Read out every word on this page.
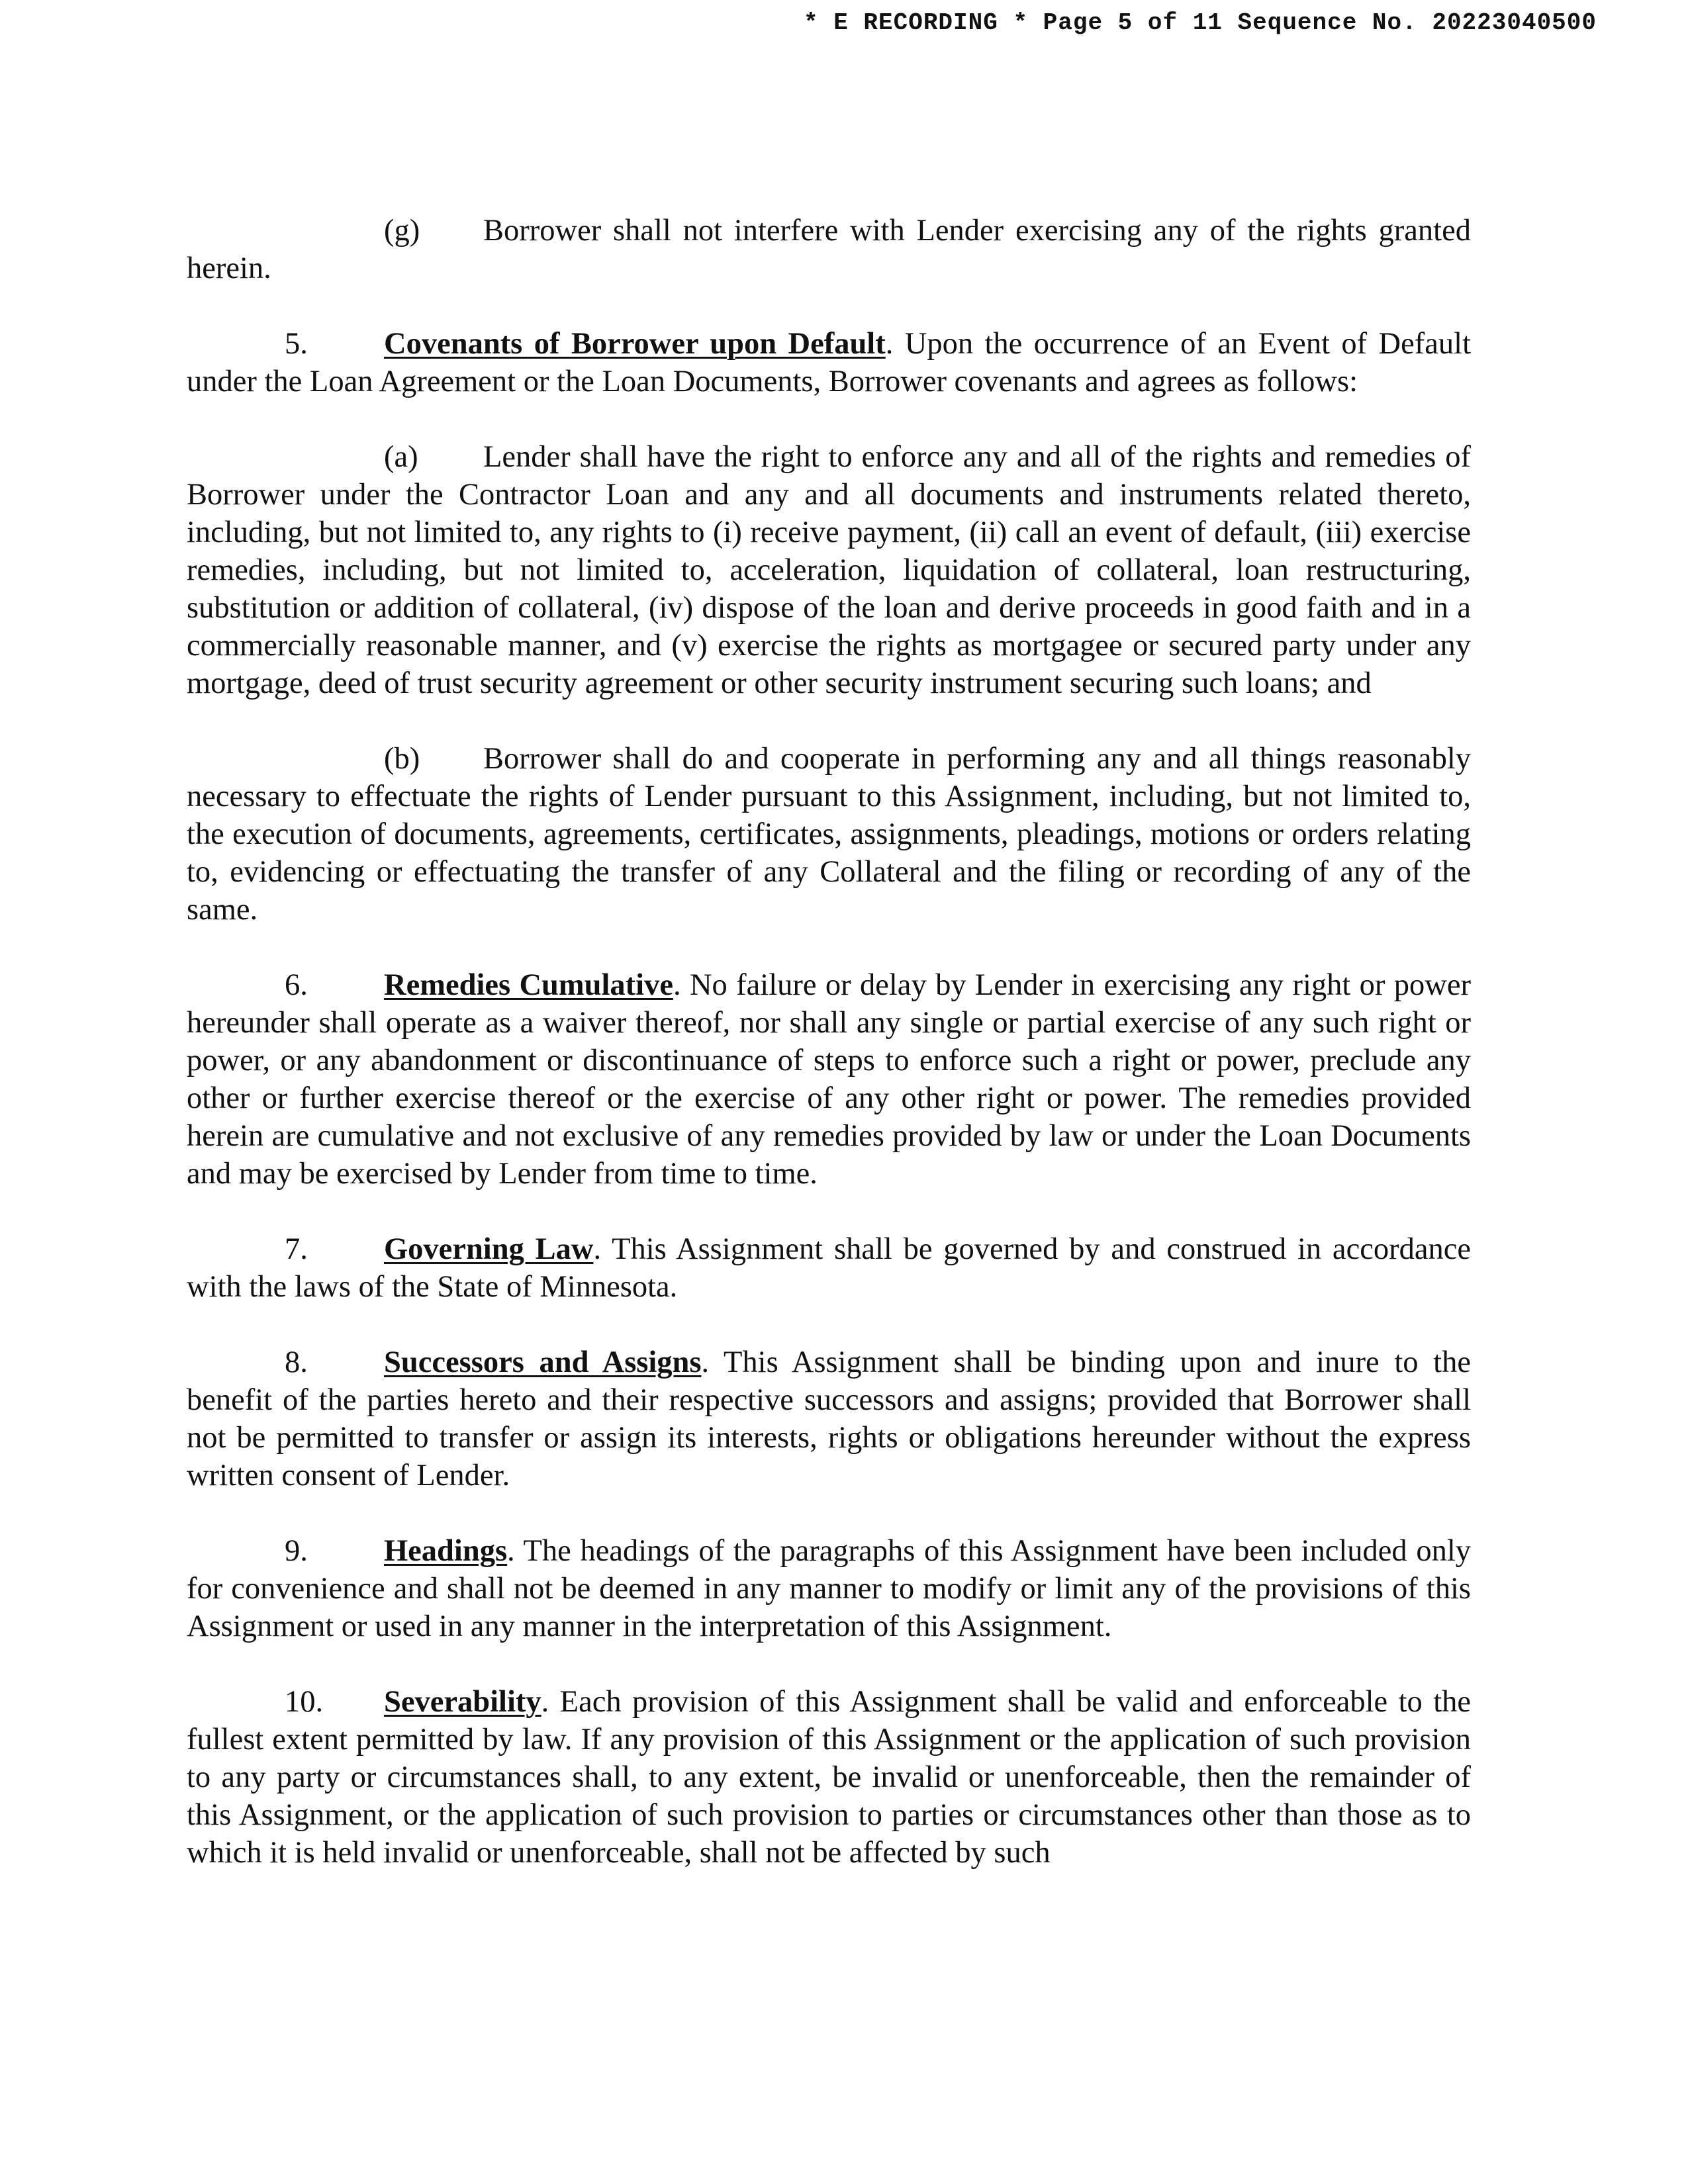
* E RECORDING * Page 5 of 11 Sequence No. 20223040500

(g) Borrower shall not interfere with Lender exercising any of the rights granted herein.

5. Covenants of Borrower upon Default. Upon the occurrence of an Event of Default under the Loan Agreement or the Loan Documents, Borrower covenants and agrees as follows:

(a) Lender shall have the right to enforce any and all of the rights and remedies of Borrower under the Contractor Loan and any and all documents and instruments related thereto, including, but not limited to, any rights to (i) receive payment, (ii) call an event of default, (iii) exercise remedies, including, but not limited to, acceleration, liquidation of collateral, loan restructuring, substitution or addition of collateral, (iv) dispose of the loan and derive proceeds in good faith and in a commercially reasonable manner, and (v) exercise the rights as mortgagee or secured party under any mortgage, deed of trust security agreement or other security instrument securing such loans; and

(b) Borrower shall do and cooperate in performing any and all things reasonably necessary to effectuate the rights of Lender pursuant to this Assignment, including, but not limited to, the execution of documents, agreements, certificates, assignments, pleadings, motions or orders relating to, evidencing or effectuating the transfer of any Collateral and the filing or recording of any of the same.

6. Remedies Cumulative. No failure or delay by Lender in exercising any right or power hereunder shall operate as a waiver thereof, nor shall any single or partial exercise of any such right or power, or any abandonment or discontinuance of steps to enforce such a right or power, preclude any other or further exercise thereof or the exercise of any other right or power. The remedies provided herein are cumulative and not exclusive of any remedies provided by law or under the Loan Documents and may be exercised by Lender from time to time.

7. Governing Law. This Assignment shall be governed by and construed in accordance with the laws of the State of Minnesota.

8. Successors and Assigns. This Assignment shall be binding upon and inure to the benefit of the parties hereto and their respective successors and assigns; provided that Borrower shall not be permitted to transfer or assign its interests, rights or obligations hereunder without the express written consent of Lender.

9. Headings. The headings of the paragraphs of this Assignment have been included only for convenience and shall not be deemed in any manner to modify or limit any of the provisions of this Assignment or used in any manner in the interpretation of this Assignment.

10. Severability. Each provision of this Assignment shall be valid and enforceable to the fullest extent permitted by law. If any provision of this Assignment or the application of such provision to any party or circumstances shall, to any extent, be invalid or unenforceable, then the remainder of this Assignment, or the application of such provision to parties or circumstances other than those as to which it is held invalid or unenforceable, shall not be affected by such
